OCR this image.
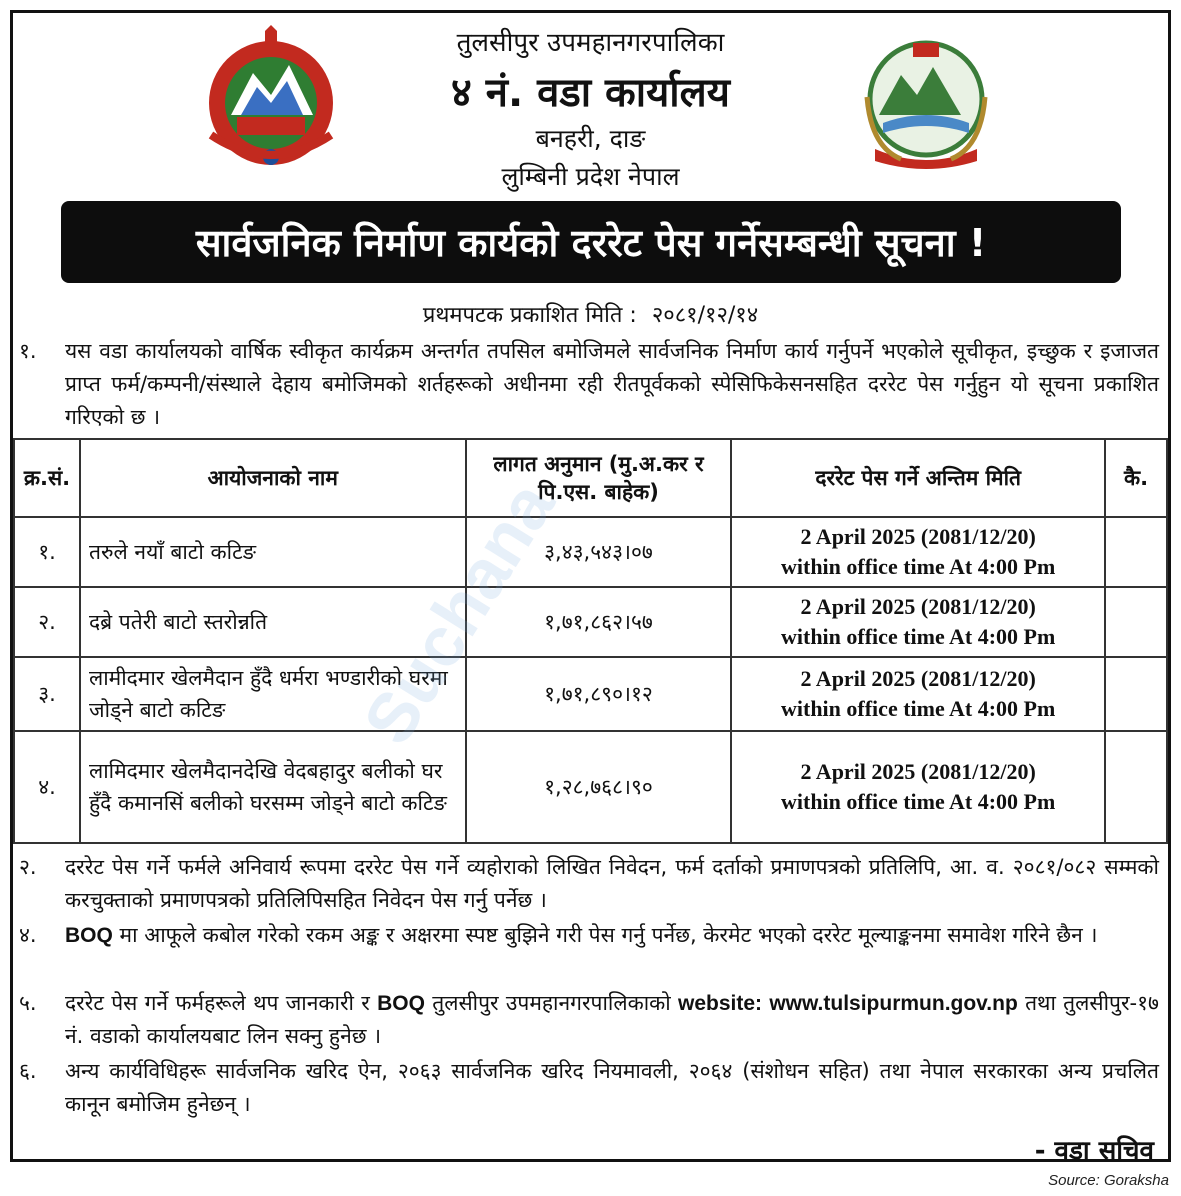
तुलसीपुर उपमहानगरपालिका
४ नं. वडा कार्यालय
बनहरी, दाङ
लुम्बिनी प्रदेश नेपाल
सार्वजनिक निर्माण कार्यको दररेट पेस गर्नेसम्बन्धी सूचना !
प्रथमपटक प्रकाशित मिति : २०८१/१२/१४
१.	यस वडा कार्यालयको वार्षिक स्वीकृत कार्यक्रम अन्तर्गत तपसिल बमोजिमले सार्वजनिक निर्माण कार्य गर्नुपर्ने भएकोले सूचीकृत, इच्छुक र इजाजत प्राप्त फर्म/कम्पनी/संस्थाले देहाय बमोजिमको शर्तहरूको अधीनमा रही रीतपूर्वकको स्पेसिफिकेसनसहित दररेट पेस गर्नुहुन यो सूचना प्रकाशित गरिएको छ ।
क्र.सं.	आयोजनाको नाम	लागत अनुमान (मु.अ.कर र पि.एस. बाहेक)	दररेट पेस गर्ने अन्तिम मिति	कै.
१.	तरुले नयाँ बाटो कटिङ	३,४३,५४३।०७	2 April 2025 (2081/12/20)
within office time At 4:00 Pm	

२.	दब्रे पतेरी बाटो स्तरोन्नति	१,७१,८६२।५७	2 April 2025 (2081/12/20)
within office time At 4:00 Pm	

३.	लामीदमार खेलमैदान हुँदै धर्मरा भण्डारीको घरमा जोड्ने बाटो कटिङ	१,७१,८९०।१२	2 April 2025 (2081/12/20)
within office time At 4:00 Pm	

४.	लामिदमार खेलमैदानदेखि वेदबहादुर बलीको घर हुँदै कमानसिं बलीको घरसम्म जोड्ने बाटो कटिङ	१,२८,७६८।९०	2 April 2025 (2081/12/20)
within office time At 4:00 Pm	

२.	दररेट पेस गर्ने फर्मले अनिवार्य रूपमा दररेट पेस गर्ने व्यहोराको लिखित निवेदन, फर्म दर्ताको प्रमाणपत्रको प्रतिलिपि, आ. व. २०८१/०८२ सम्मको करचुक्ताको प्रमाणपत्रको प्रतिलिपिसहित निवेदन पेस गर्नु पर्नेछ ।
४.	BOQ मा आफूले कबोल गरेको रकम अङ्क र अक्षरमा स्पष्ट बुझिने गरी पेस गर्नु पर्नेछ, केरमेट भएको दररेट मूल्याङ्कनमा समावेश गरिने छैन ।
५.	दररेट पेस गर्ने फर्महरूले थप जानकारी र BOQ तुलसीपुर उपमहानगरपालिकाको website: www.tulsipurmun.gov.np तथा तुलसीपुर-१७ नं. वडाको कार्यालयबाट लिन सक्नु हुनेछ ।
६.	अन्य कार्यविधिहरू सार्वजनिक खरिद ऐन, २०६३ सार्वजनिक खरिद नियमावली, २०६४ (संशोधन सहित) तथा नेपाल सरकारका अन्य प्रचलित कानून बमोजिम हुनेछन् ।
- वडा सचिव
Suchana
Source: Goraksha
